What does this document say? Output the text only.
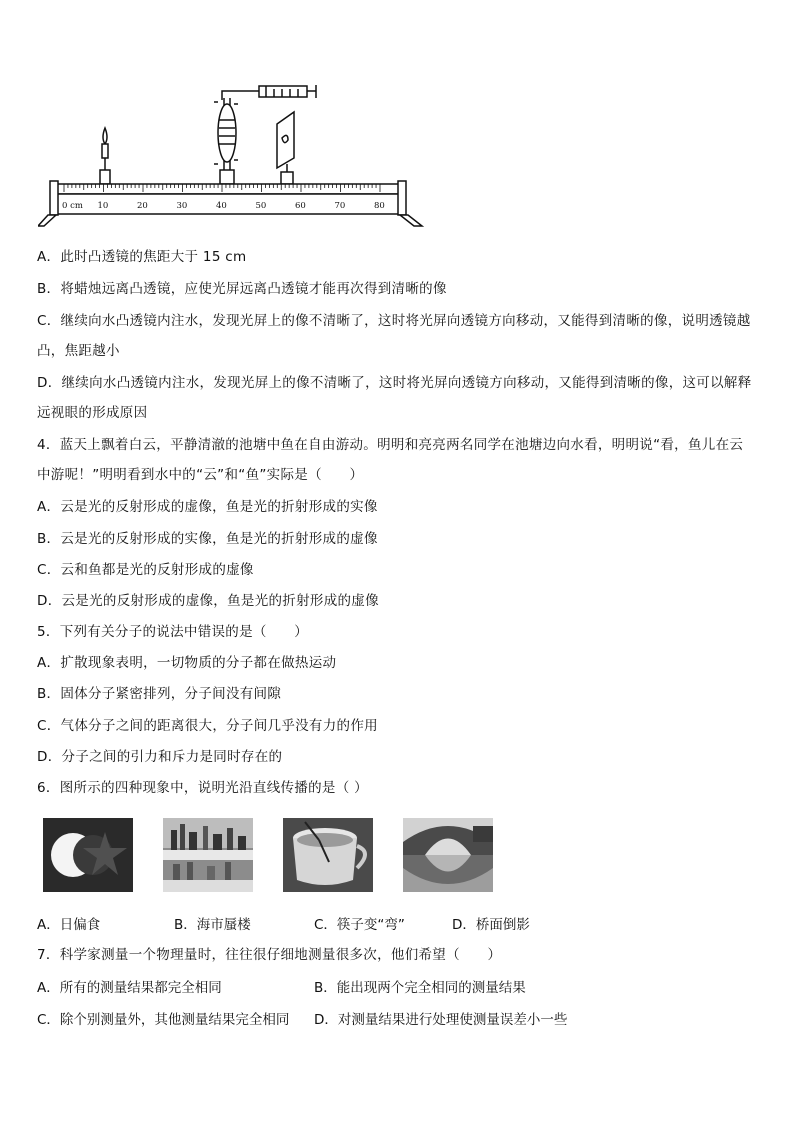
0 cm 10	20	30	40	50	60	70	80
A．此时凸透镜的焦距大于 15 cm
B．将蜡烛远离凸透镜，应使光屏远离凸透镜才能再次得到清晰的像
C．继续向水凸透镜内注水，发现光屏上的像不清晰了，这时将光屏向透镜方向移动，又能得到清晰的像，说明透镜越
凸，焦距越小
D．继续向水凸透镜内注水，发现光屏上的像不清晰了，这时将光屏向透镜方向移动，又能得到清晰的像，这可以解释
远视眼的形成原因
4．蓝天上飘着白云，平静清澈的池塘中鱼在自由游动。明明和亮亮两名同学在池塘边向水看，明明说“看，鱼儿在云
中游呢！”明明看到水中的“云”和“鱼”实际是（　　）
A．云是光的反射形成的虚像，鱼是光的折射形成的实像
B．云是光的反射形成的实像，鱼是光的折射形成的虚像
C．云和鱼都是光的反射形成的虚像
D．云是光的反射形成的虚像，鱼是光的折射形成的虚像
5．下列有关分子的说法中错误的是（　　）
A．扩散现象表明，一切物质的分子都在做热运动
B．固体分子紧密排列，分子间没有间隙
C．气体分子之间的距离很大，分子间几乎没有力的作用
D．分子之间的引力和斥力是同时存在的
6．图所示的四种现象中，说明光沿直线传播的是（ ）
A．日偏食	B．海市蜃楼	C．筷子变“弯”	D．桥面倒影
7．科学家测量一个物理量时，往往很仔细地测量很多次，他们希望（　　）
A．所有的测量结果都完全相同	B．能出现两个完全相同的测量结果
C．除个别测量外，其他测量结果完全相同 D．对测量结果进行处理使测量误差小一些
